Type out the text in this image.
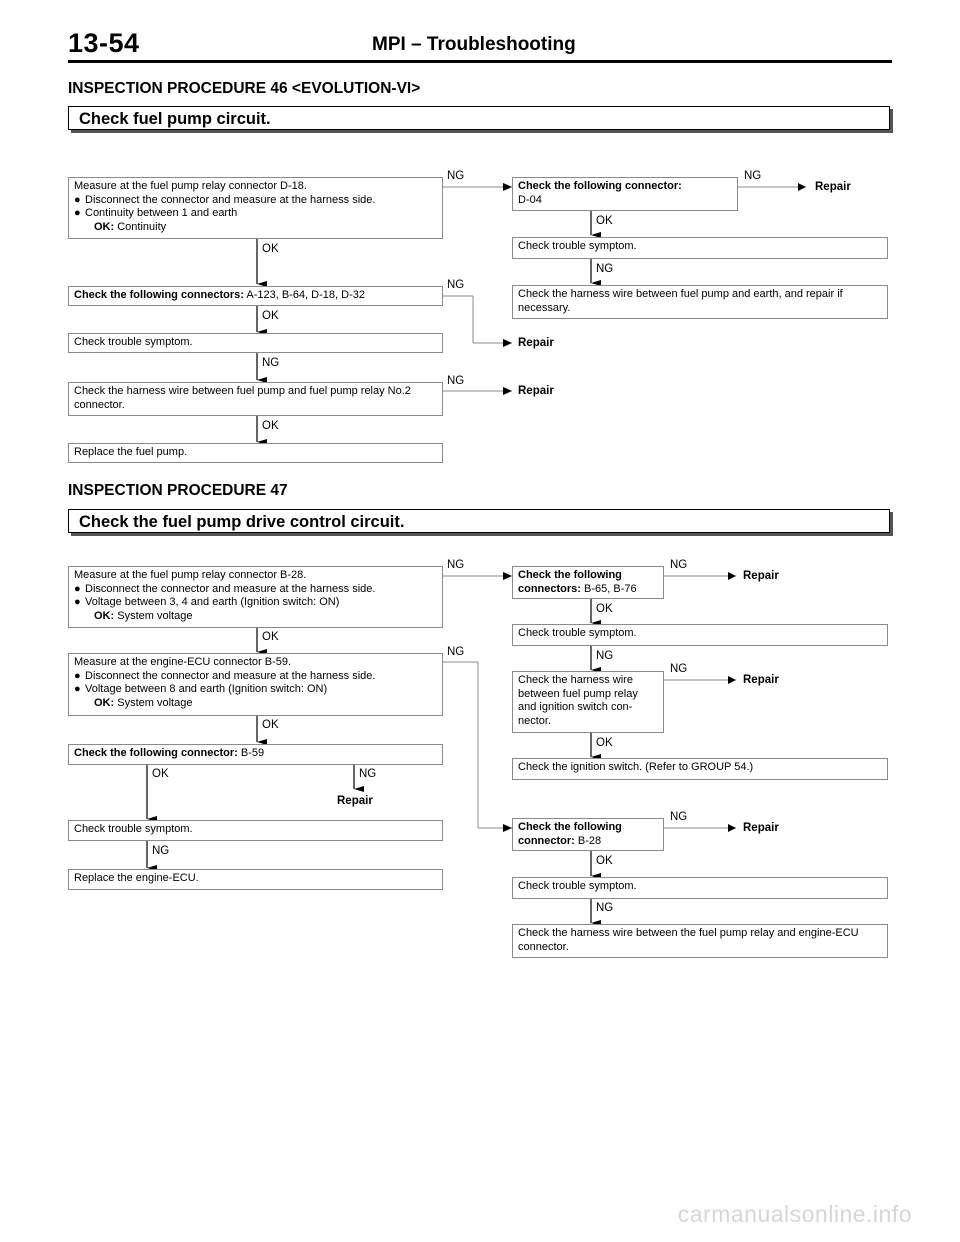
13-54	MPI – Troubleshooting
INSPECTION PROCEDURE 46 <EVOLUTION-VI>
Check fuel pump circuit.
Measure at the fuel pump relay connector D-18.
● Disconnect the connector and measure at the harness side.
● Continuity between 1 and earth
OK: Continuity
Check the following connector:
D-04
Check trouble symptom.
Check the harness wire between fuel pump and earth, and repair if necessary.
Check the following connectors: A-123, B-64, D-18, D-32
Check trouble symptom.
Check the harness wire between fuel pump and fuel pump relay No.2 connector.
Replace the fuel pump.
NG	NG
Repair
OK
OK
NG
NG
OK
Repair
NG
NG
Repair
OK
INSPECTION PROCEDURE 47
Check the fuel pump drive control circuit.
Measure at the fuel pump relay connector B-28.
● Disconnect the connector and measure at the harness side.
● Voltage between 3, 4 and earth (Ignition switch: ON)
OK: System voltage
Check the following
connectors: B-65, B-76
Check trouble symptom.
Measure at the engine-ECU connector B-59.
● Disconnect the connector and measure at the harness side.
● Voltage between 8 and earth (Ignition switch: ON)
OK: System voltage
Check the harness wire
between fuel pump relay
and ignition switch con-
nector.
Check the following connector: B-59
Check the ignition switch. (Refer to GROUP 54.)
Check trouble symptom.	Check the following
connector: B-28
Replace the engine-ECU.
Check trouble symptom.
Check the harness wire between the fuel pump relay and engine-ECU connector.
NG	NG
Repair
OK
OK
NG	NG
NG
Repair
OK
OK
OK	NG
Repair
NG
Repair
NG
OK
NG
carmanualsonline.info
